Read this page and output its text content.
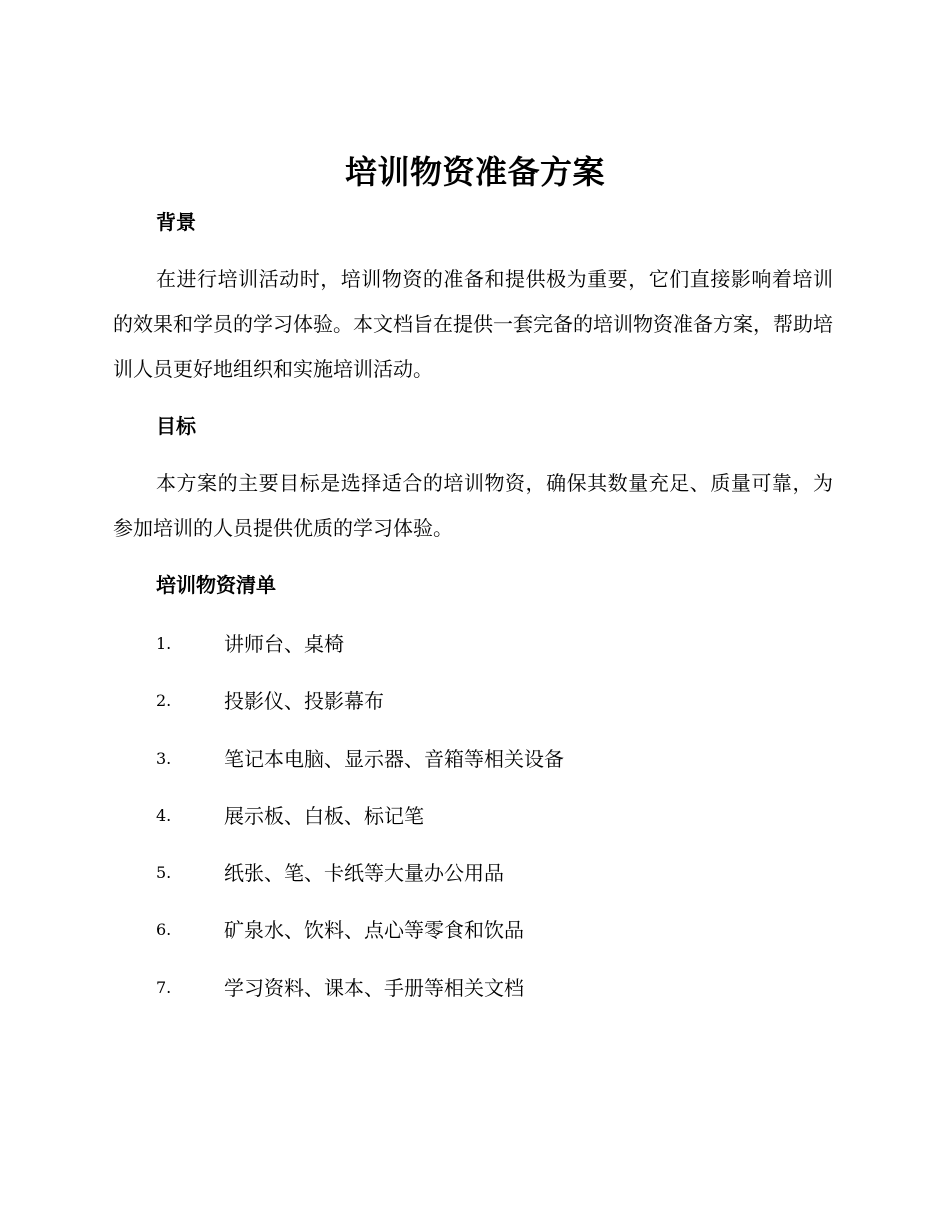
培训物资准备方案
背景
在进行培训活动时，培训物资的准备和提供极为重要，它们直接影响着培训的效果和学员的学习体验。本文档旨在提供一套完备的培训物资准备方案，帮助培训人员更好地组织和实施培训活动。
目标
本方案的主要目标是选择适合的培训物资，确保其数量充足、质量可靠，为参加培训的人员提供优质的学习体验。
培训物资清单
1.	讲师台、桌椅
2.	投影仪、投影幕布
3.	笔记本电脑、显示器、音箱等相关设备
4.	展示板、白板、标记笔
5.	纸张、笔、卡纸等大量办公用品
6.	矿泉水、饮料、点心等零食和饮品
7.	学习资料、课本、手册等相关文档
